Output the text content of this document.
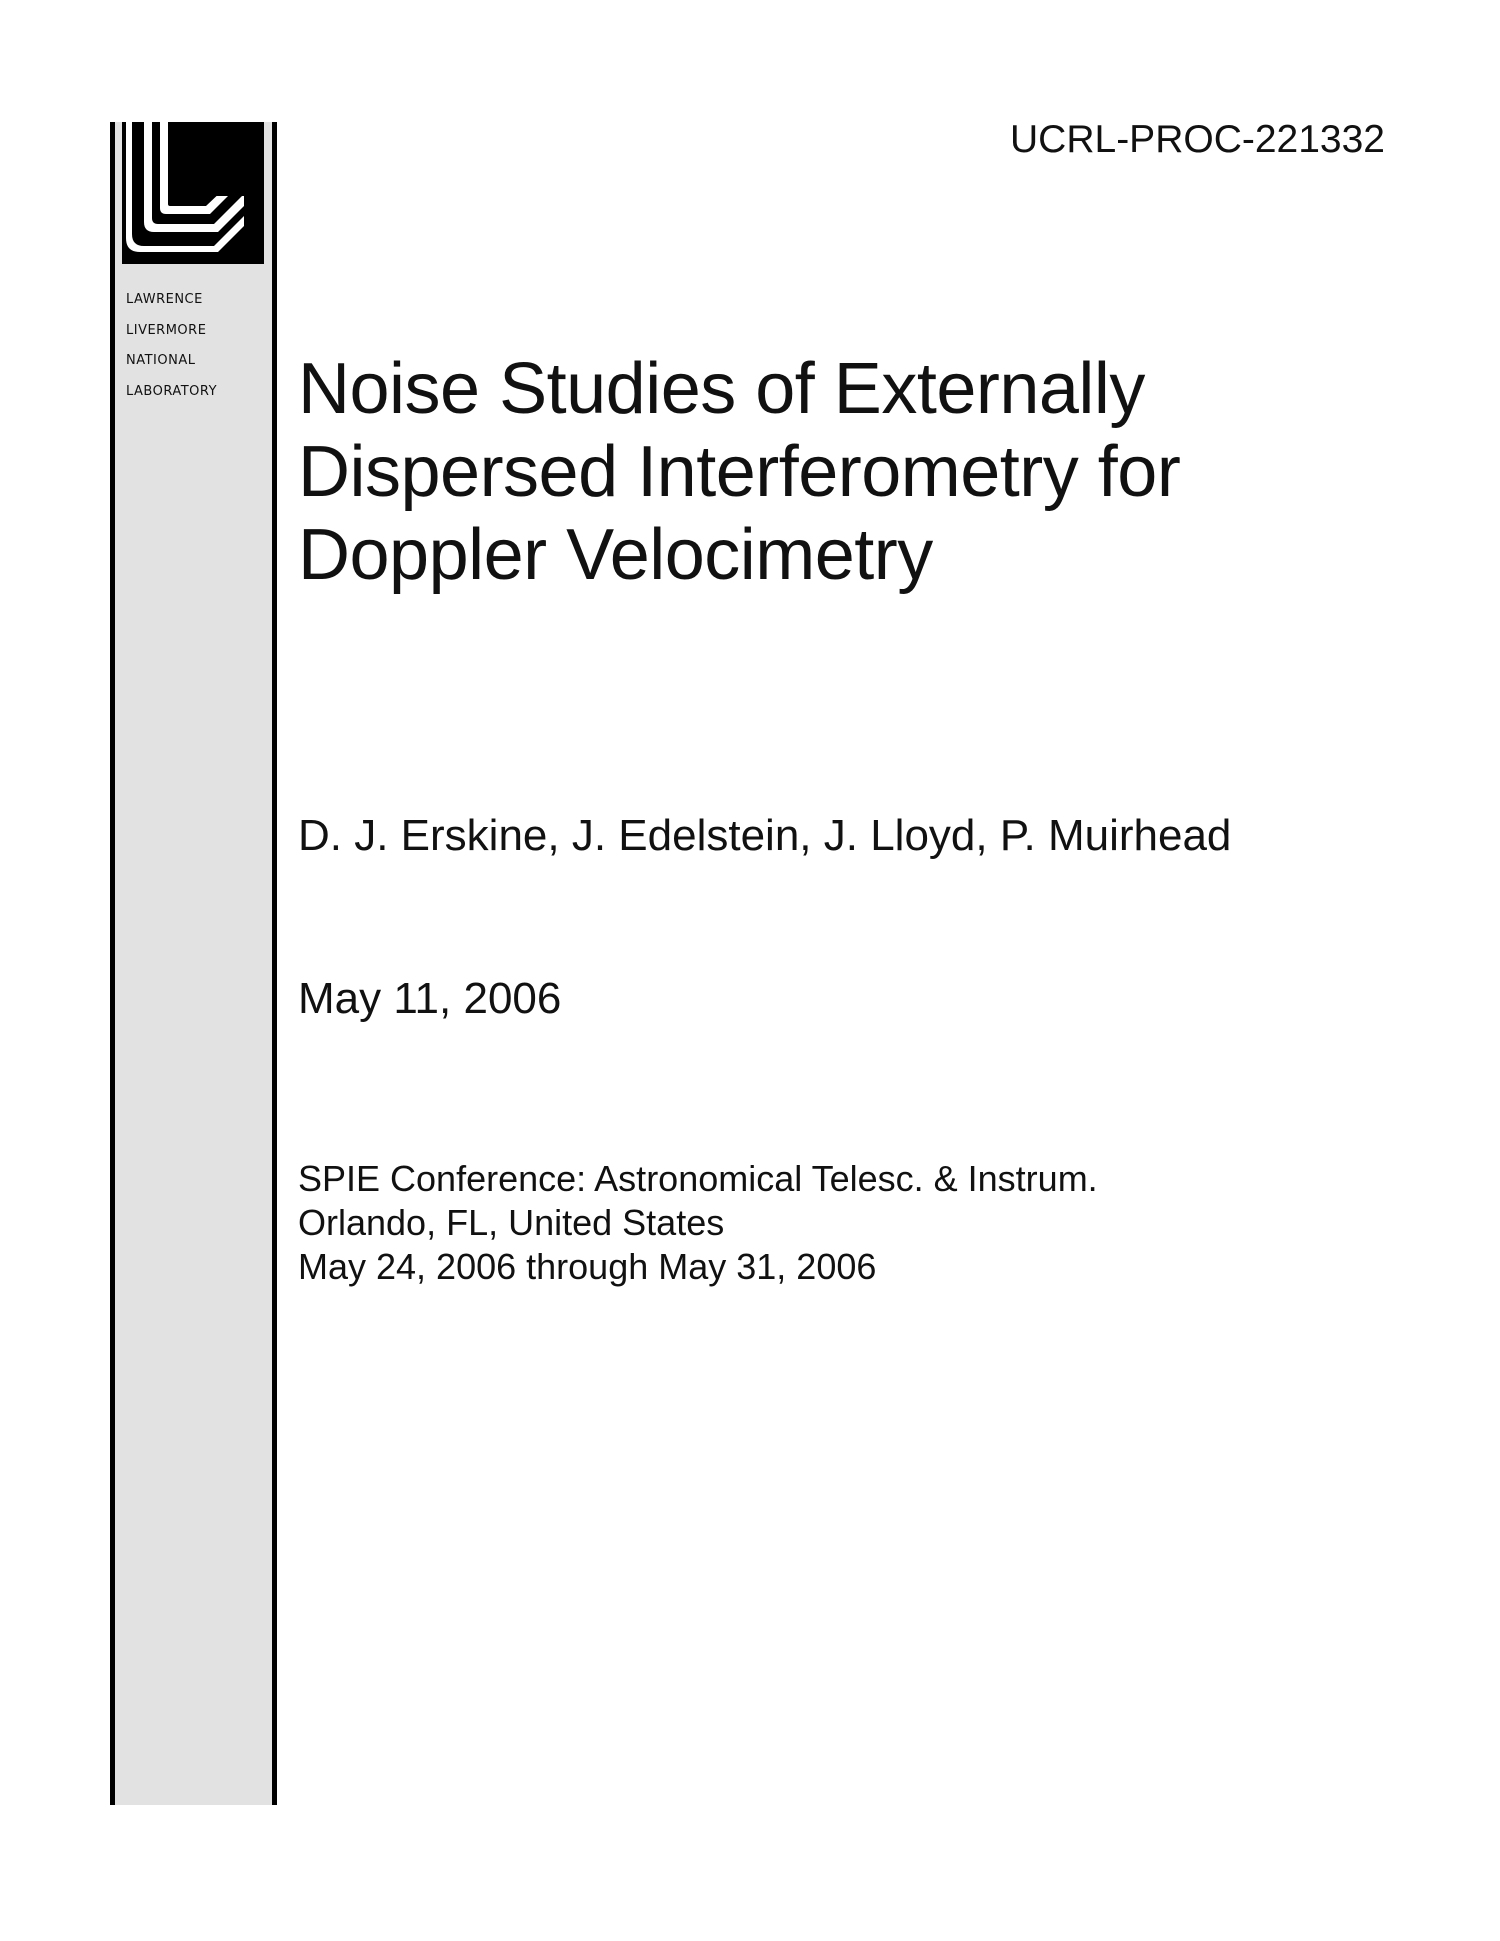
LAWRENCE
LIVERMORE
NATIONAL
LABORATORY
UCRL-PROC-221332
Noise Studies of Externally
Dispersed Interferometry for
Doppler Velocimetry
D. J. Erskine, J. Edelstein, J. Lloyd, P. Muirhead
May 11, 2006
SPIE Conference: Astronomical Telesc. & Instrum.
Orlando, FL, United States
May 24, 2006 through May 31, 2006
